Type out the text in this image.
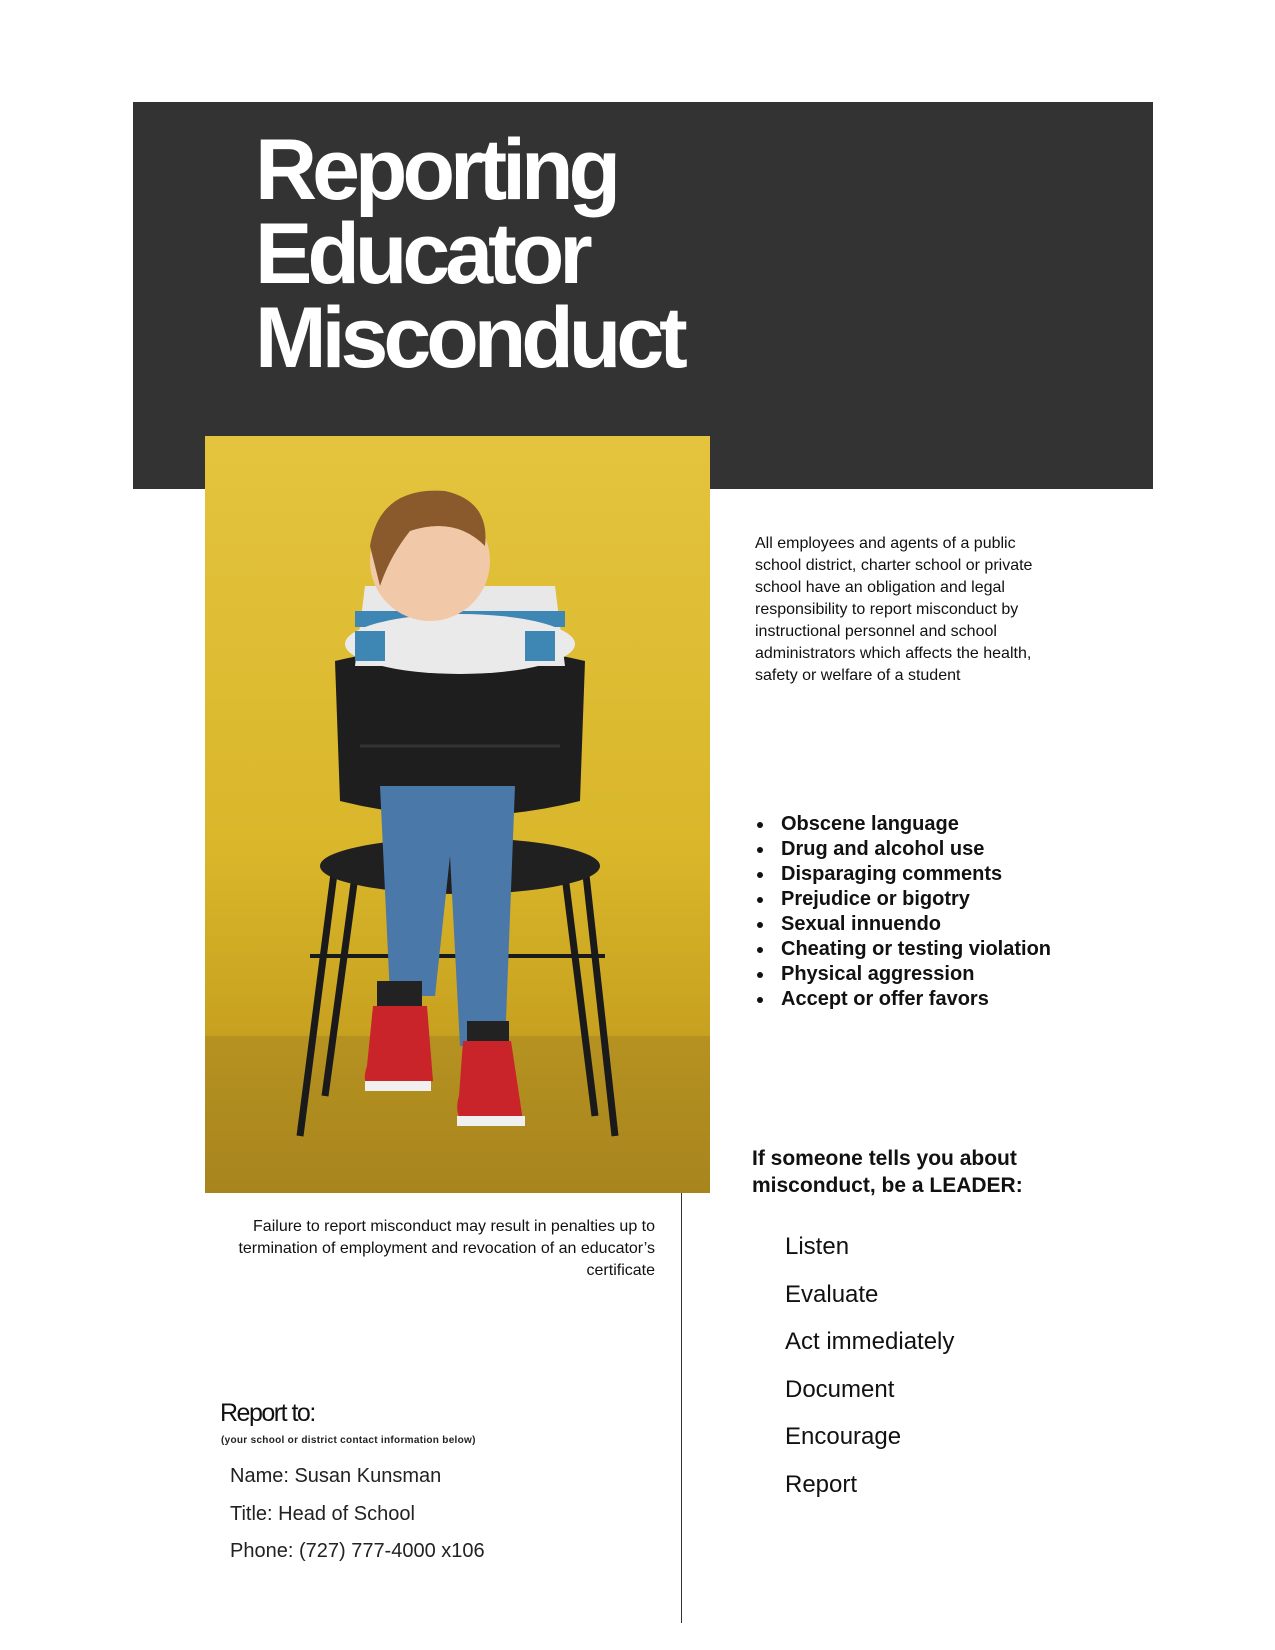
Reporting
Educator
Misconduct

All employees and agents of a public school district, charter school or private school have an obligation and legal responsibility to report misconduct by instructional personnel and school administrators which affects the health, safety or welfare of a student

Obscene language
Drug and alcohol use
Disparaging comments
Prejudice or bigotry
Sexual innuendo
Cheating or testing violation
Physical aggression
Accept or offer favors

If someone tells you about misconduct, be a LEADER:

Listen
Evaluate
Act immediately
Document
Encourage
Report

Failure to report misconduct may result in penalties up to termination of employment and revocation of an educator’s certificate

Report to:

(your school or district contact information below)

Name: Susan Kunsman
Title: Head of School
Phone: (727) 777-4000 x106
